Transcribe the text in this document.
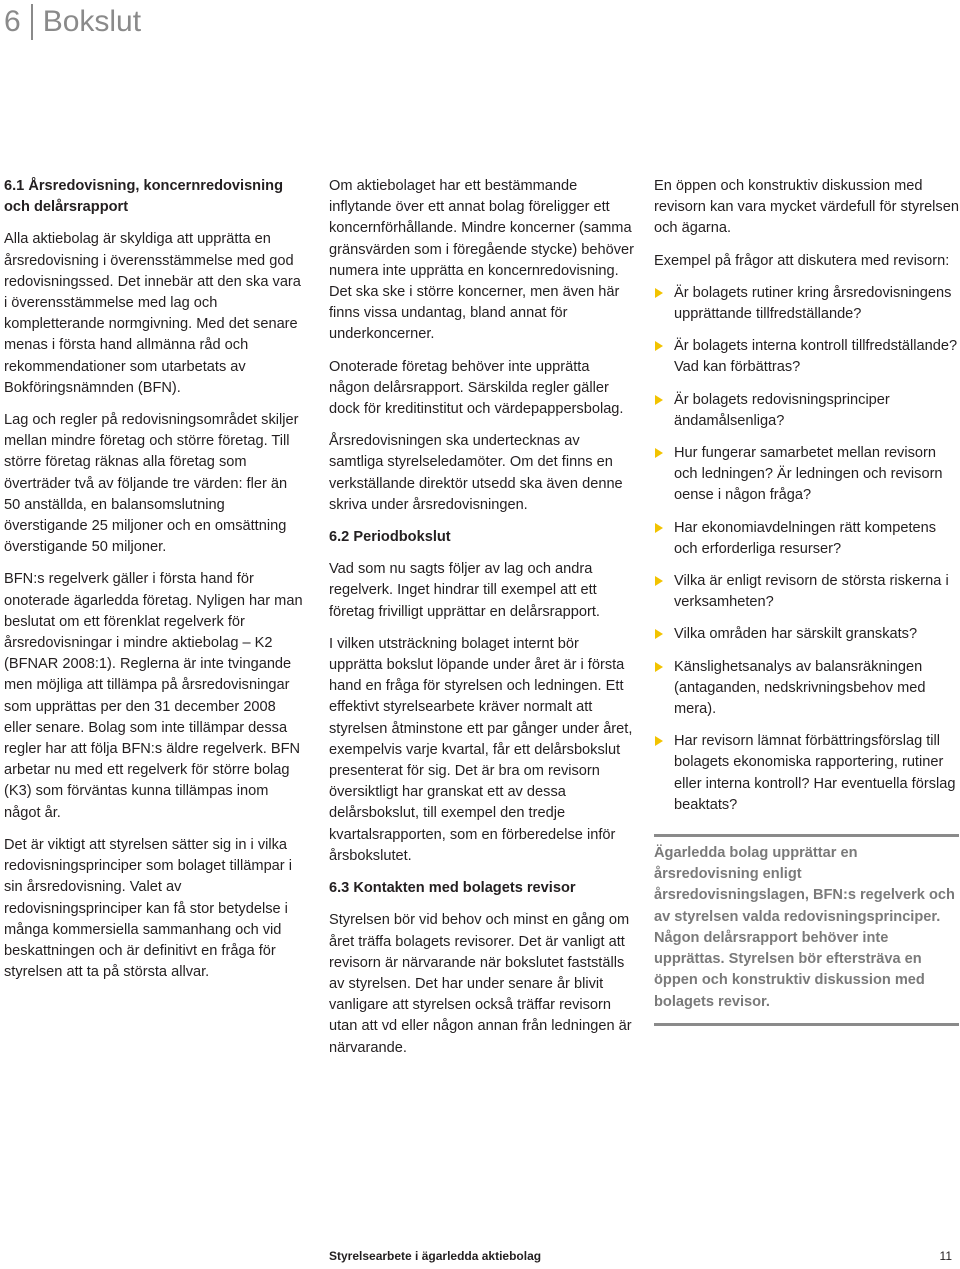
6 Bokslut
6.1 Årsredovisning, koncernredovisning och delårsrapport

Alla aktiebolag är skyldiga att upprätta en årsredovisning i överensstämmelse med god redovisningssed. Det innebär att den ska vara i överensstämmelse med lag och kompletterande normgivning. Med det senare menas i första hand allmänna råd och rekommendationer som utarbetats av Bokföringsnämnden (BFN).

Lag och regler på redovisningsområdet skiljer mellan mindre företag och större företag. Till större företag räknas alla företag som överträder två av följande tre värden: fler än 50 anställda, en balansomslutning överstigande 25 miljoner och en omsättning överstigande 50 miljoner.

BFN:s regelverk gäller i första hand för onoterade ägarledda företag. Nyligen har man beslutat om ett förenklat regelverk för årsredovisningar i mindre aktiebolag – K2 (BFNAR 2008:1). Reglerna är inte tvingande men möjliga att tillämpa på årsredovisningar som upprättas per den 31 december 2008 eller senare. Bolag som inte tillämpar dessa regler har att följa BFN:s äldre regelverk. BFN arbetar nu med ett regelverk för större bolag (K3) som förväntas kunna tillämpas inom något år.

Det är viktigt att styrelsen sätter sig in i vilka redovisningsprinciper som bolaget tillämpar i sin årsredovisning. Valet av redovisningsprinciper kan få stor betydelse i många kommersiella sammanhang och vid beskattningen och är definitivt en fråga för styrelsen att ta på största allvar.

Om aktiebolaget har ett bestämmande inflytande över ett annat bolag föreligger ett koncernförhållande. Mindre koncerner (samma gränsvärden som i föregående stycke) behöver numera inte upprätta en koncernredovisning. Det ska ske i större koncerner, men även här finns vissa undantag, bland annat för underkoncerner.

Onoterade företag behöver inte upprätta någon delårsrapport. Särskilda regler gäller dock för kreditinstitut och värdepappersbolag.

Årsredovisningen ska undertecknas av samtliga styrelseledamöter. Om det finns en verkställande direktör utsedd ska även denne skriva under årsredovisningen.

6.2 Periodbokslut

Vad som nu sagts följer av lag och andra regelverk. Inget hindrar till exempel att ett företag frivilligt upprättar en delårsrapport.

I vilken utsträckning bolaget internt bör upprätta bokslut löpande under året är i första hand en fråga för styrelsen och ledningen. Ett effektivt styrelsearbete kräver normalt att styrelsen åtminstone ett par gånger under året, exempelvis varje kvartal, får ett delårsbokslut presenterat för sig. Det är bra om revisorn översiktligt har granskat ett av dessa delårsbokslut, till exempel den tredje kvartalsrapporten, som en förberedelse inför årsbokslutet.

6.3 Kontakten med bolagets revisor

Styrelsen bör vid behov och minst en gång om året träffa bolagets revisorer. Det är vanligt att revisorn är närvarande när bokslutet fastställs av styrelsen. Det har under senare år blivit vanligare att styrelsen också träffar revisorn utan att vd eller någon annan från ledningen är närvarande.

En öppen och konstruktiv diskussion med revisorn kan vara mycket värdefull för styrelsen och ägarna.

Exempel på frågor att diskutera med revisorn:

Är bolagets rutiner kring årsredovisningens upprättande tillfredställande?
Är bolagets interna kontroll tillfredställande? Vad kan förbättras?
Är bolagets redovisningsprinciper ändamålsenliga?
Hur fungerar samarbetet mellan revisorn och ledningen? Är ledningen och revisorn oense i någon fråga?
Har ekonomiavdelningen rätt kompetens och erforderliga resurser?
Vilka är enligt revisorn de största riskerna i verksamheten?
Vilka områden har särskilt granskats?
Känslighetsanalys av balansräkningen (antaganden, nedskrivningsbehov med mera).
Har revisorn lämnat förbättringsförslag till bolagets ekonomiska rapportering, rutiner eller interna kontroll? Har eventuella förslag beaktats?
Ägarledda bolag upprättar en årsredovisning enligt årsredovisningslagen, BFN:s regelverk och av styrelsen valda redovisningsprinciper. Någon delårsrapport behöver inte upprättas. Styrelsen bör eftersträva en öppen och konstruktiv diskussion med bolagets revisor.
Styrelsearbete i ägarledda aktiebolag	11
